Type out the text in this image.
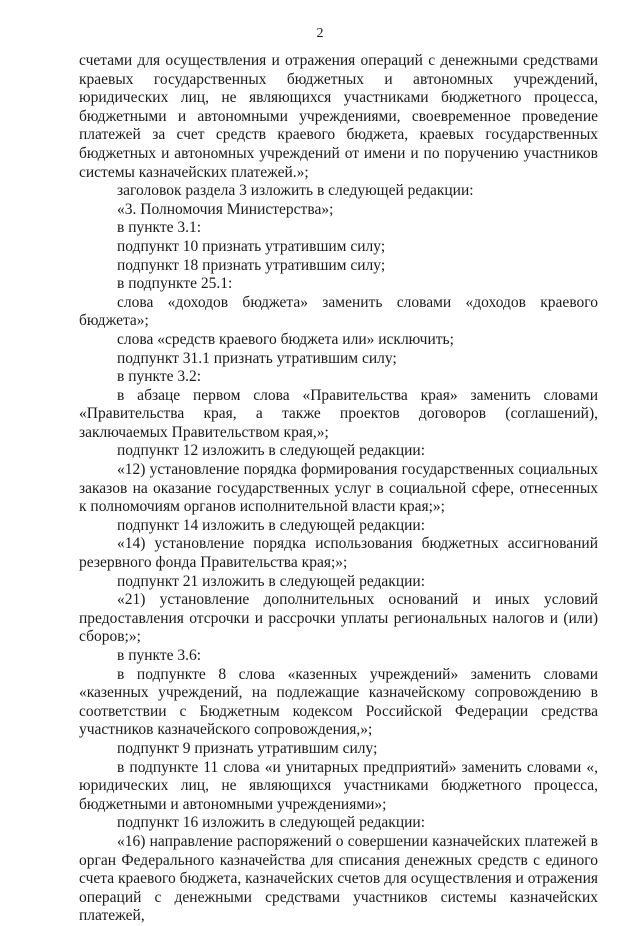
2

счетами для осуществления и отражения операций с денежными средствами краевых государственных бюджетных и автономных учреждений, юридических лиц, не являющихся участниками бюджетного процесса, бюджетными и автономными учреждениями, своевременное проведение платежей за счет средств краевого бюджета, краевых государственных бюджетных и автономных учреждений от имени и по поручению участников системы казначейских платежей.»;

заголовок раздела 3 изложить в следующей редакции:

«3. Полномочия Министерства»;

в пункте 3.1:

подпункт 10 признать утратившим силу;

подпункт 18 признать утратившим силу;

в подпункте 25.1:

слова «доходов бюджета» заменить словами «доходов краевого бюджета»;

слова «средств краевого бюджета или» исключить;

подпункт 31.1 признать утратившим силу;

в пункте 3.2:

в абзаце первом слова «Правительства края» заменить словами «Правительства края, а также проектов договоров (соглашений), заключаемых Правительством края,»;

подпункт 12 изложить в следующей редакции:

«12) установление порядка формирования государственных социальных заказов на оказание государственных услуг в социальной сфере, отнесенных к полномочиям органов исполнительной власти края;»;

подпункт 14 изложить в следующей редакции:

«14) установление порядка использования бюджетных ассигнований резервного фонда Правительства края;»;

подпункт 21 изложить в следующей редакции:

«21) установление дополнительных оснований и иных условий предоставления отсрочки и рассрочки уплаты региональных налогов и (или) сборов;»;

в пункте 3.6:

в подпункте 8 слова «казенных учреждений» заменить словами «казенных учреждений, на подлежащие казначейскому сопровождению в соответствии с Бюджетным кодексом Российской Федерации средства участников казначейского сопровождения,»;

подпункт 9 признать утратившим силу;

в подпункте 11 слова «и унитарных предприятий» заменить словами «, юридических лиц, не являющихся участниками бюджетного процесса, бюджетными и автономными учреждениями»;

подпункт 16 изложить в следующей редакции:

«16) направление распоряжений о совершении казначейских платежей в орган Федерального казначейства для списания денежных средств с единого счета краевого бюджета, казначейских счетов для осуществления и отражения операций с денежными средствами участников системы казначейских платежей,
